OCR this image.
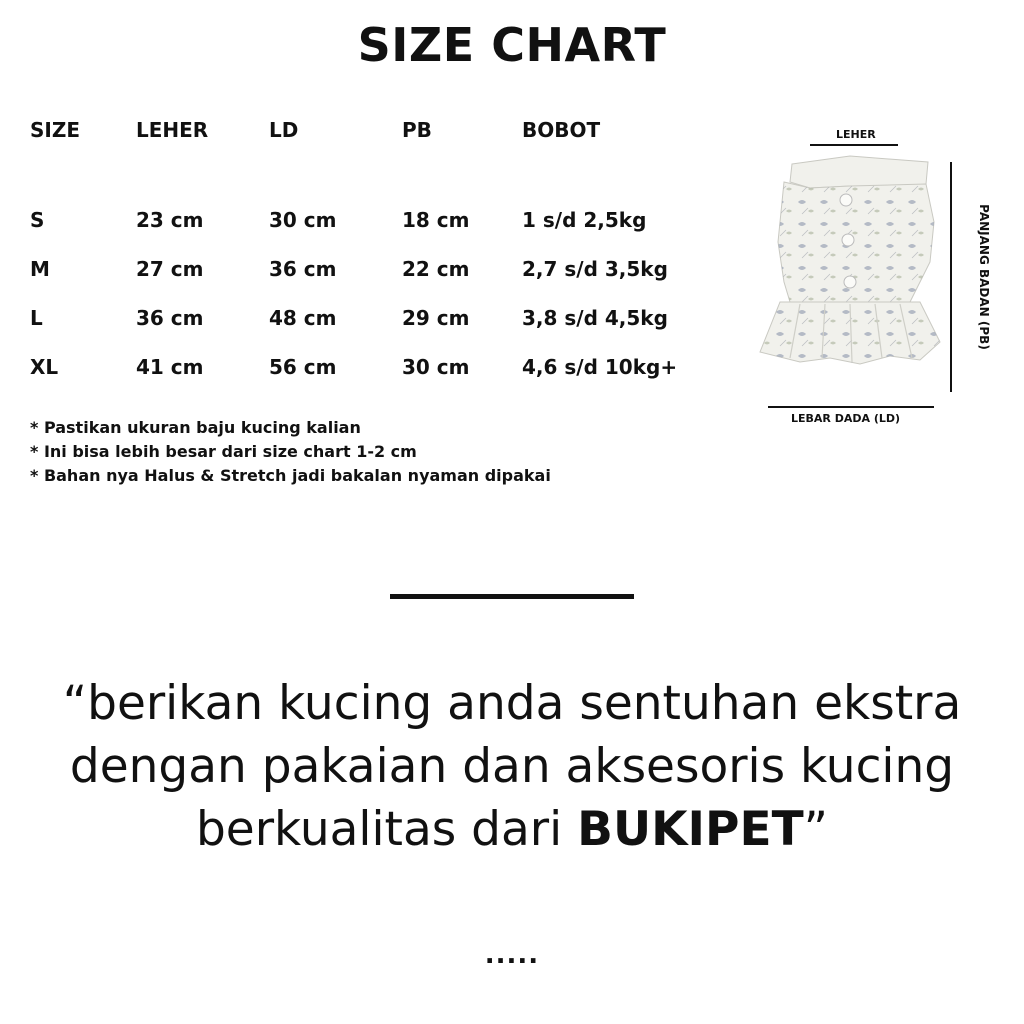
SIZE CHART
SIZE	LEHER	LD	PB	BOBOT

S	23 cm	30 cm	18 cm	1 s/d 2,5kg
M	27 cm	36 cm	22 cm	2,7 s/d 3,5kg
L	36 cm	48 cm	29 cm	3,8 s/d 4,5kg
XL	41 cm	56 cm	30 cm	4,6 s/d 10kg+
* Pastikan ukuran baju kucing kalian
* Ini bisa lebih besar dari size chart 1-2 cm
* Bahan nya Halus & Stretch jadi bakalan nyaman dipakai
LEHER
PANJANG BADAN (PB)
LEBAR DADA (LD)
“berikan kucing anda sentuhan ekstra
dengan pakaian dan aksesoris kucing
berkualitas dari BUKIPET”
.....
